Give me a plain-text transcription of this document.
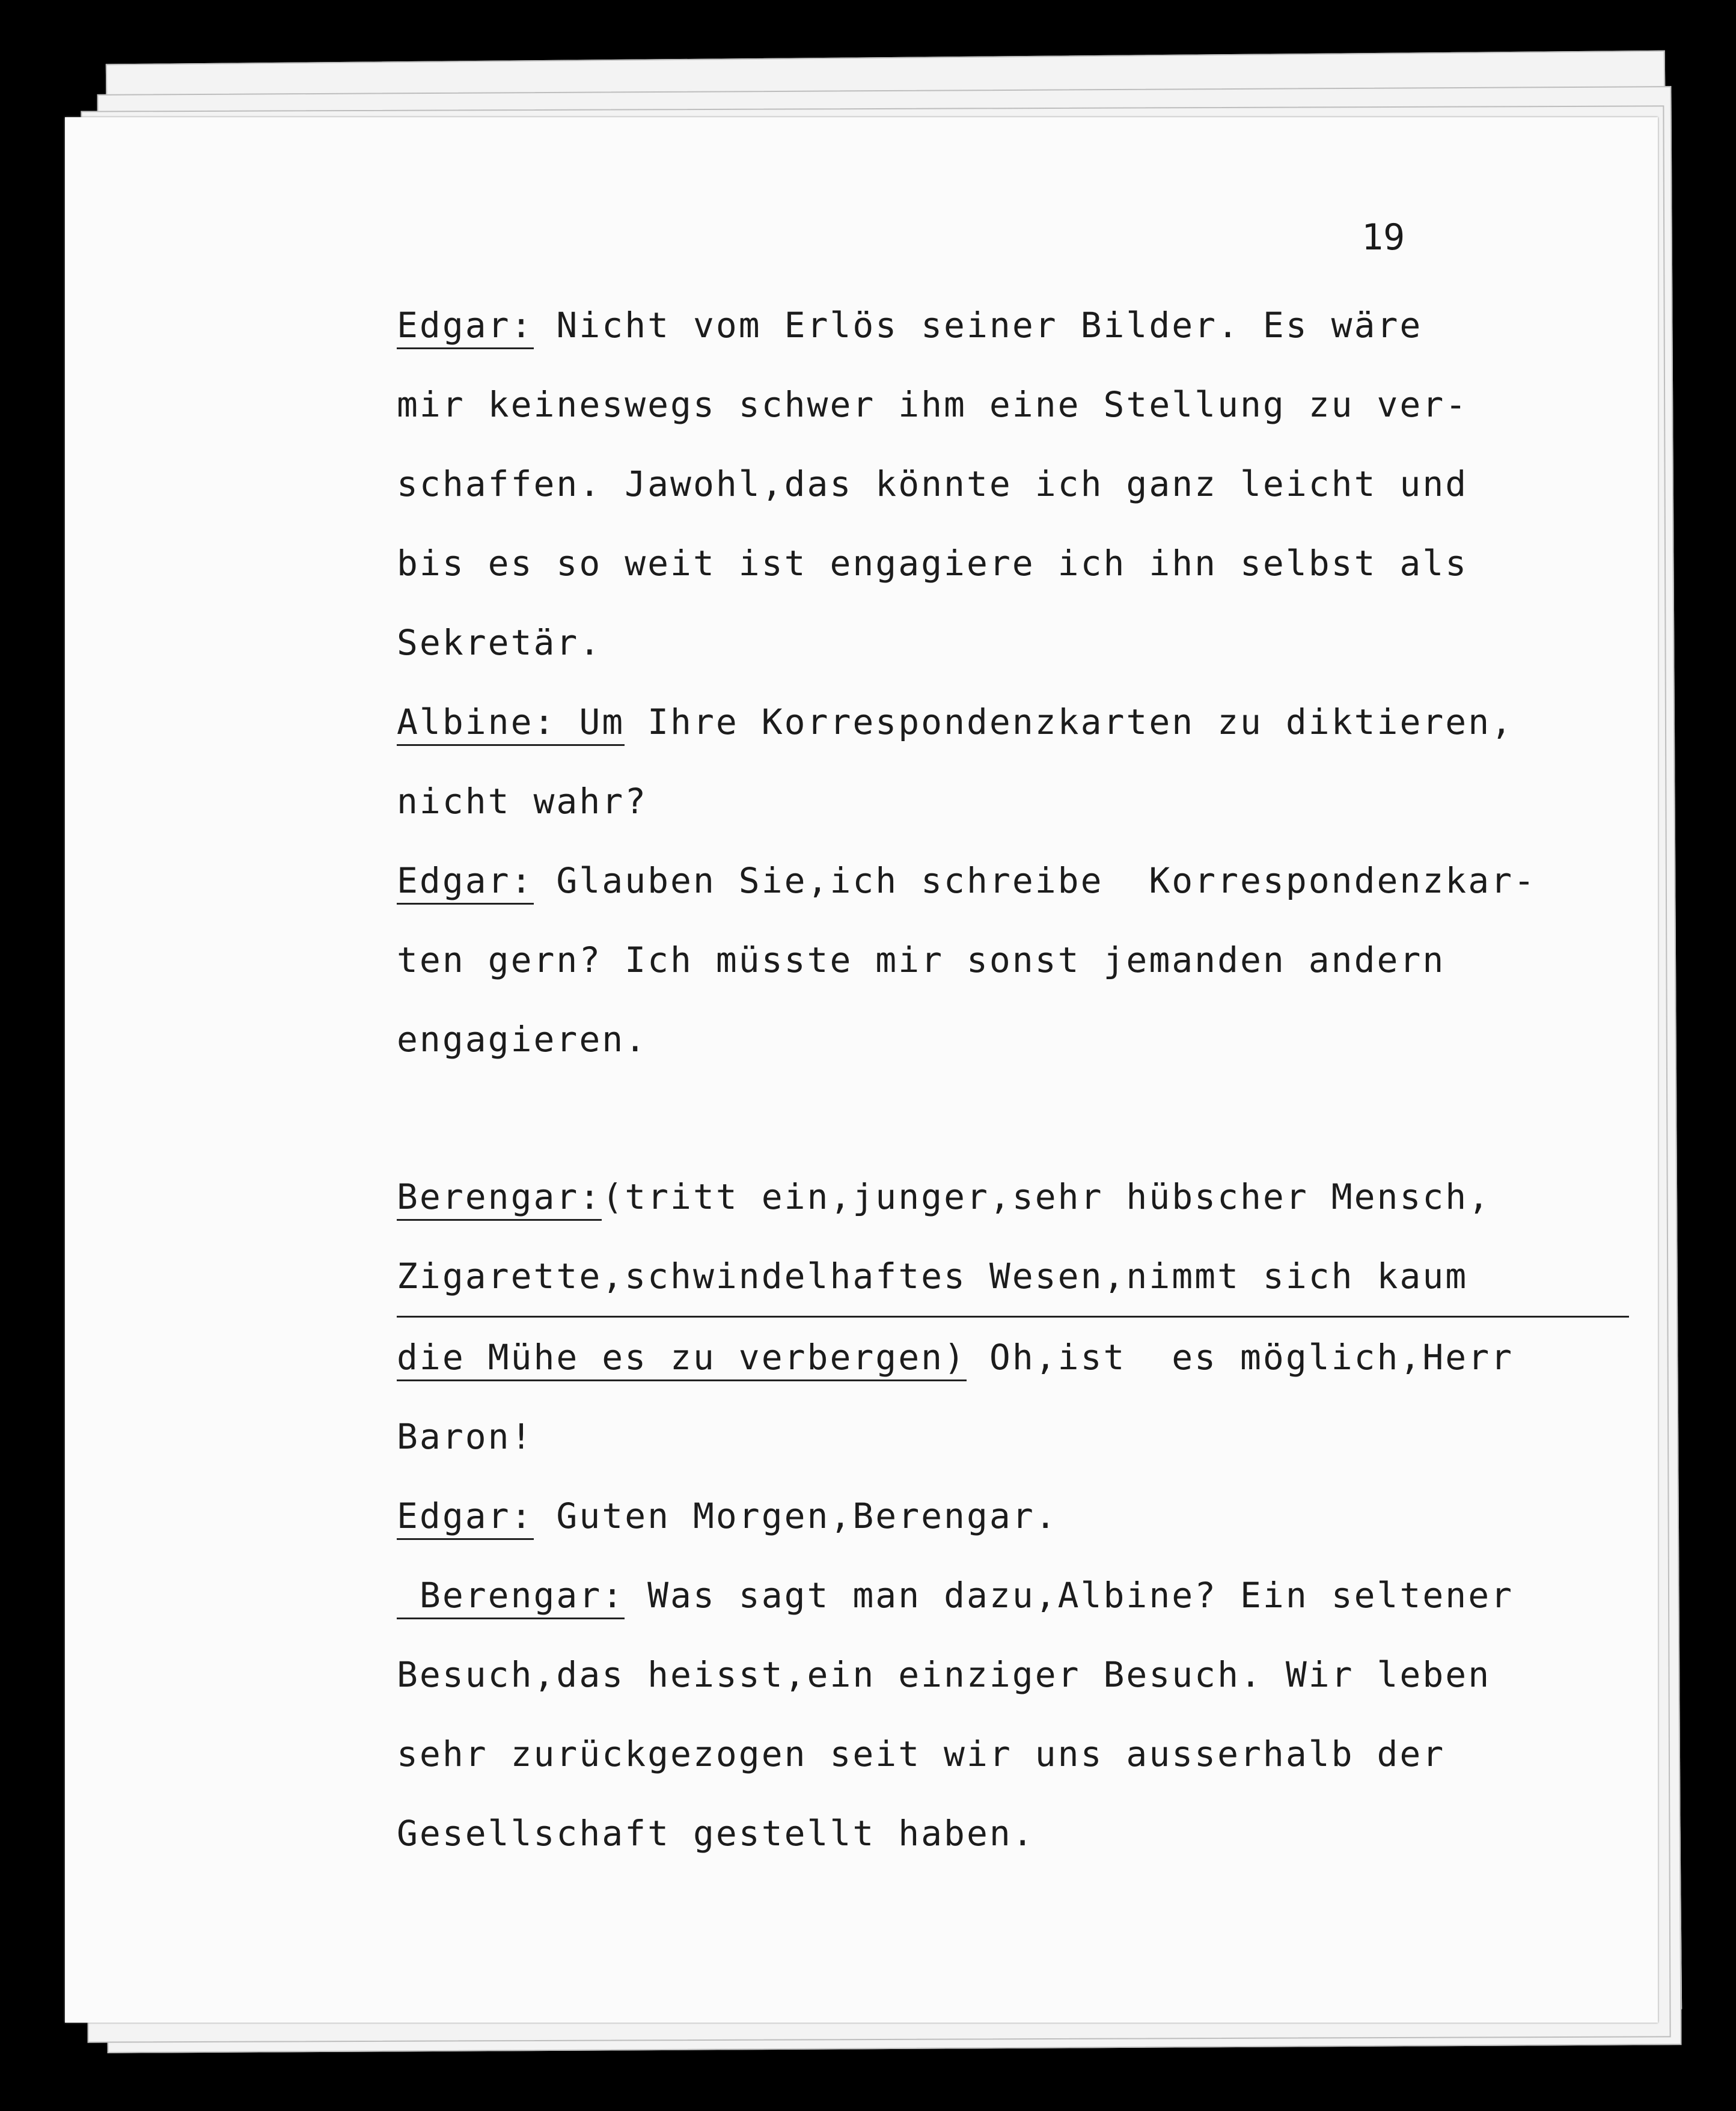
19
Edgar: Nicht vom Erlös seiner Bilder. Es wäre
mir keineswegs schwer ihm eine Stellung zu ver-
schaffen. Jawohl,das könnte ich ganz leicht und
bis es so weit ist engagiere ich ihn selbst als
Sekretär.
Albine: Um Ihre Korrespondenzkarten zu diktieren,
nicht wahr?
Edgar: Glauben Sie,ich schreibe  Korrespondenzkar-
ten gern? Ich müsste mir sonst jemanden andern
engagieren.
Berengar:(tritt ein,junger,sehr hübscher Mensch,
Zigarette,schwindelhaftes Wesen,nimmt sich kaum
die Mühe es zu verbergen) Oh,ist  es möglich,Herr
Baron!
Edgar: Guten Morgen,Berengar.
Berengar: Was sagt man dazu,Albine? Ein seltener
Besuch,das heisst,ein einziger Besuch. Wir leben
sehr zurückgezogen seit wir uns ausserhalb der
Gesellschaft gestellt haben.
